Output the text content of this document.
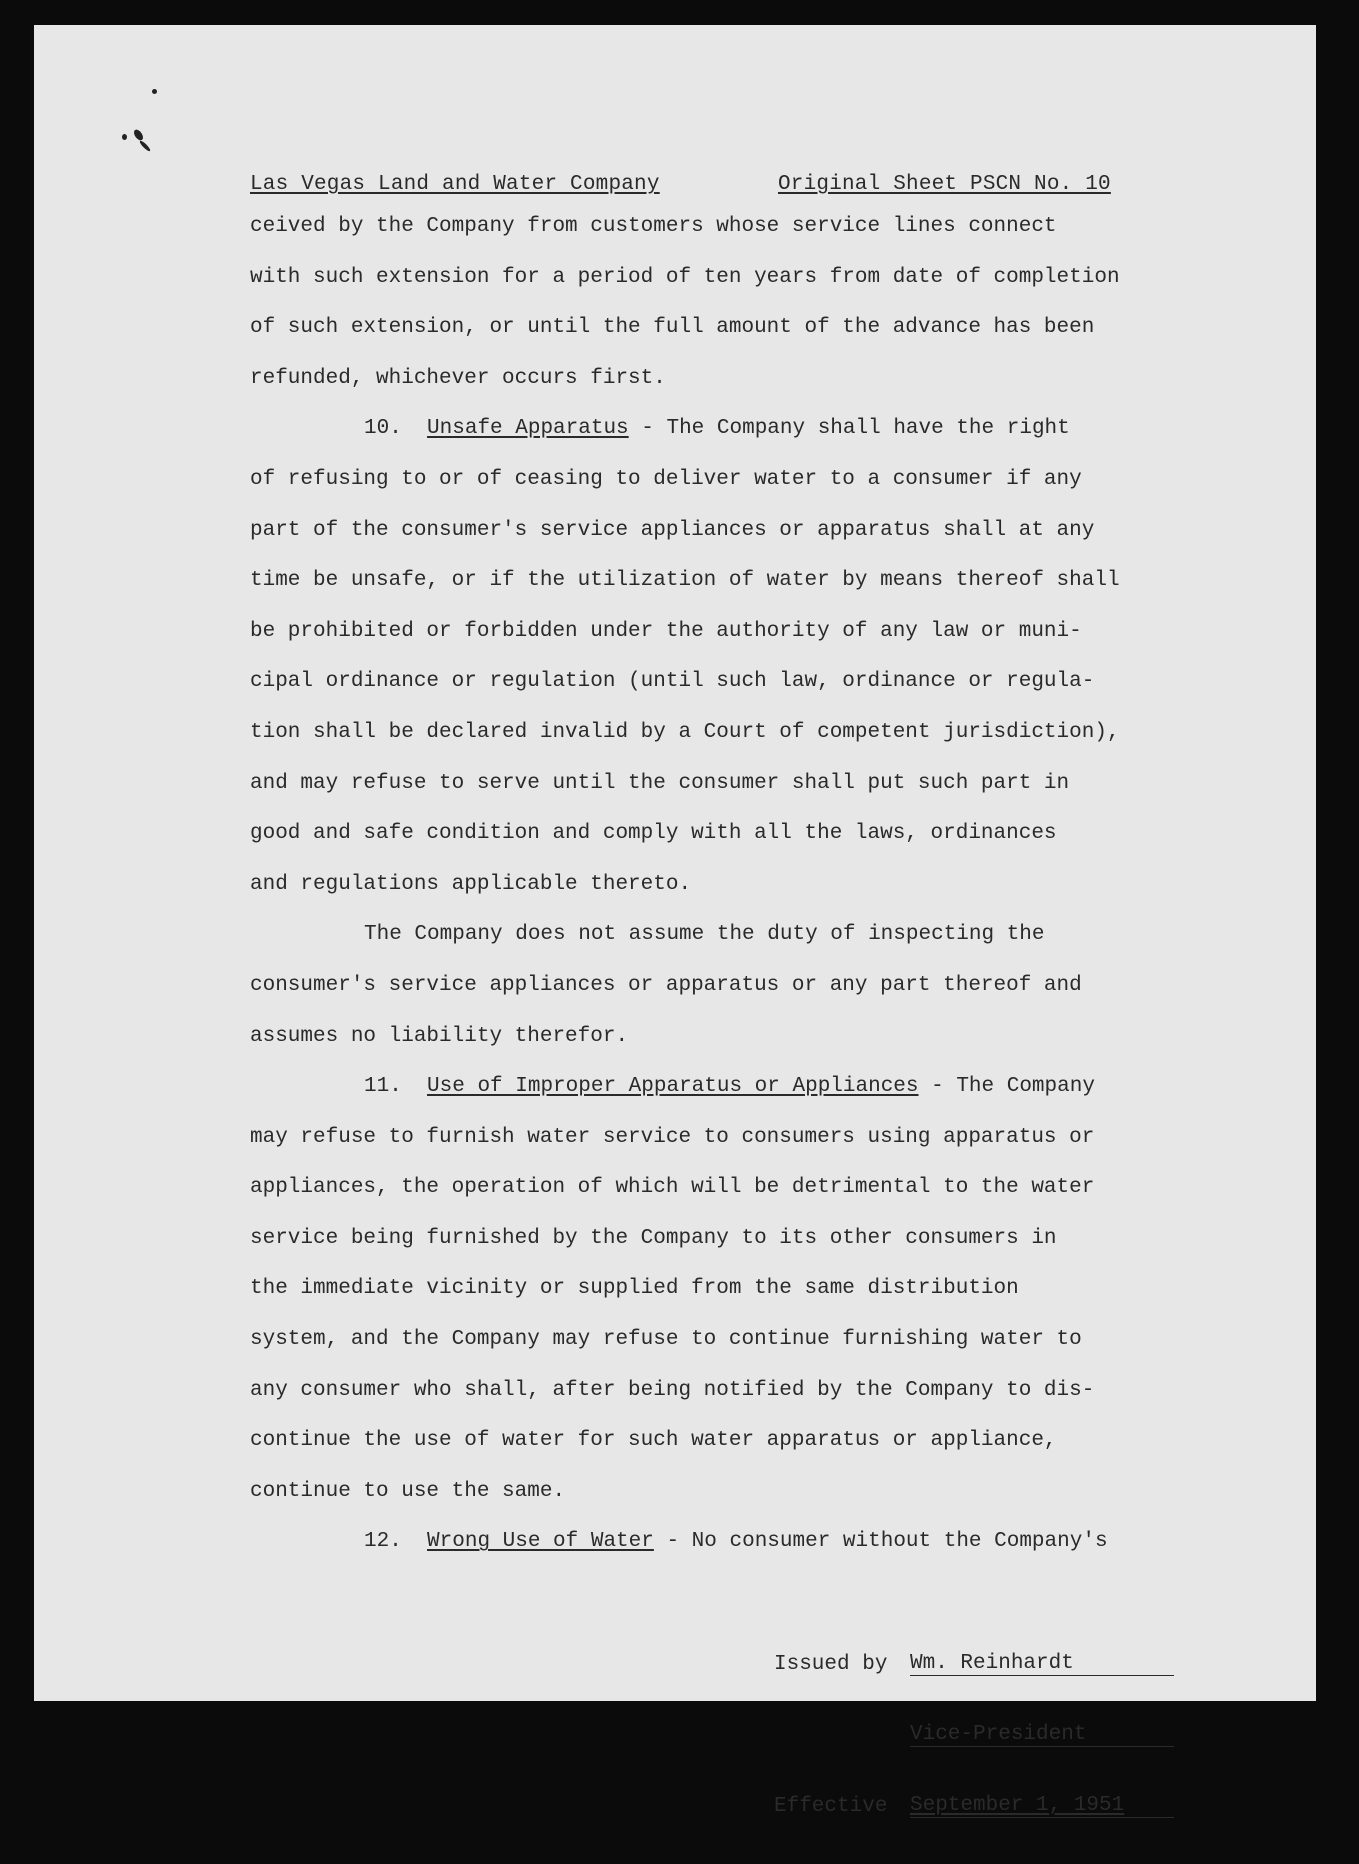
Las Vegas Land and Water Company	Original Sheet PSCN No. 10
ceived by the Company from customers whose service lines connect
with such extension for a period of ten years from date of completion
of such extension, or until the full amount of the advance has been
refunded, whichever occurs first.
10. Unsafe Apparatus - The Company shall have the right
of refusing to or of ceasing to deliver water to a consumer if any
part of the consumer's service appliances or apparatus shall at any
time be unsafe, or if the utilization of water by means thereof shall
be prohibited or forbidden under the authority of any law or muni-
cipal ordinance or regulation (until such law, ordinance or regula-
tion shall be declared invalid by a Court of competent jurisdiction),
and may refuse to serve until the consumer shall put such part in
good and safe condition and comply with all the laws, ordinances
and regulations applicable thereto.
The Company does not assume the duty of inspecting the
consumer's service appliances or apparatus or any part thereof and
assumes no liability therefor.
11. Use of Improper Apparatus or Appliances - The Company
may refuse to furnish water service to consumers using apparatus or
appliances, the operation of which will be detrimental to the water
service being furnished by the Company to its other consumers in
the immediate vicinity or supplied from the same distribution
system, and the Company may refuse to continue furnishing water to
any consumer who shall, after being notified by the Company to dis-
continue the use of water for such water apparatus or appliance,
continue to use the same.
12. Wrong Use of Water - No consumer without the Company's

Issued by	Wm. Reinhardt

Vice-President

Effective	September 1, 1951
